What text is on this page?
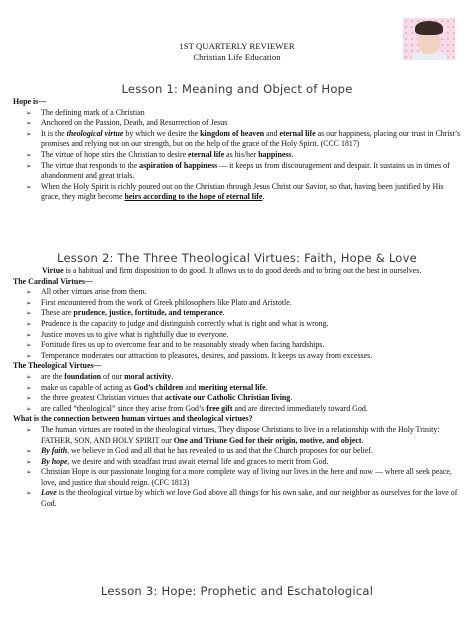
1ST QUARTERLY REVIEWER
Christian Life Education
Lesson 1: Meaning and Object of Hope
Hope is—
➢ The defining mark of a Christian
➢ Anchored on the Passion, Death, and Resurrection of Jesus
➢ It is the theological virtue by which we desire the kingdom of heaven and eternal life as our happiness, placing our trust in Christ’s promises and relying not on our strength, but on the help of the grace of the Holy Spirit. (CCC 1817)
➢ The virtue of hope stirs the Christian to desire eternal life as his/her happiness.
➢ The virtue that responds to the aspiration of happiness — it keeps us from discouragement and despair. It sustains us in times of abandonment and great trials.
➢ When the Holy Spirit is richly poured out on the Christian through Jesus Christ our Savior, so that, having been justified by His grace, they might become heirs according to the hope of eternal life.
Lesson 2: The Three Theological Virtues: Faith, Hope & Love
Virtue is a habitual and firm disposition to do good. It allows us to do good deeds and to bring out the best in ourselves.
The Cardinal Virtues—
➢ All other virtues arise from them.
➢ First encountered from the work of Greek philosophers like Plato and Aristotle.
➢ These are prudence, justice, fortitude, and temperance.
➢ Prudence is the capacity to judge and distinguish correctly what is right and what is wrong.
➢ Justice moves us to give what is rightfully due to everyone.
➢ Fortitude fires us up to overcome fear and to be reasonably steady when facing hardships.
➢ Temperance moderates our attraction to pleasures, desires, and passions. It keeps us away from excesses.
The Theological Virtues—
➢ are the foundation of our moral activity.
➢ make us capable of acting as God’s children and meriting eternal life.
➢ the three greatest Christian virtues that activate our Catholic Christian living.
➢ are called “theological” since they arise from God’s free gift and are directed immediately toward God.
What is the connection between human virtues and theological virtues?
➢ The human virtues are rooted in the theological virtues, They dispose Christians to live in a relationship with the Holy Trinity: FATHER, SON, AND HOLY SPIRIT our One and Triune God for their origin, motive, and object.
➢ By faith, we believe in God and all that he has revealed to us and that the Church proposes for our belief.
➢ By hope, we desire and with steadfast trust await eternal life and graces to merit from God.
➢ Christian Hope is our passionate longing for a more complete way of living our lives in the here and now — where all seek peace, love, and justice that should reign. (CFC 1813)
➢ Love is the theological virtue by which we love God above all things for his own sake, and our neighbor as ourselves for the love of God.
Lesson 3: Hope: Prophetic and Eschatological
